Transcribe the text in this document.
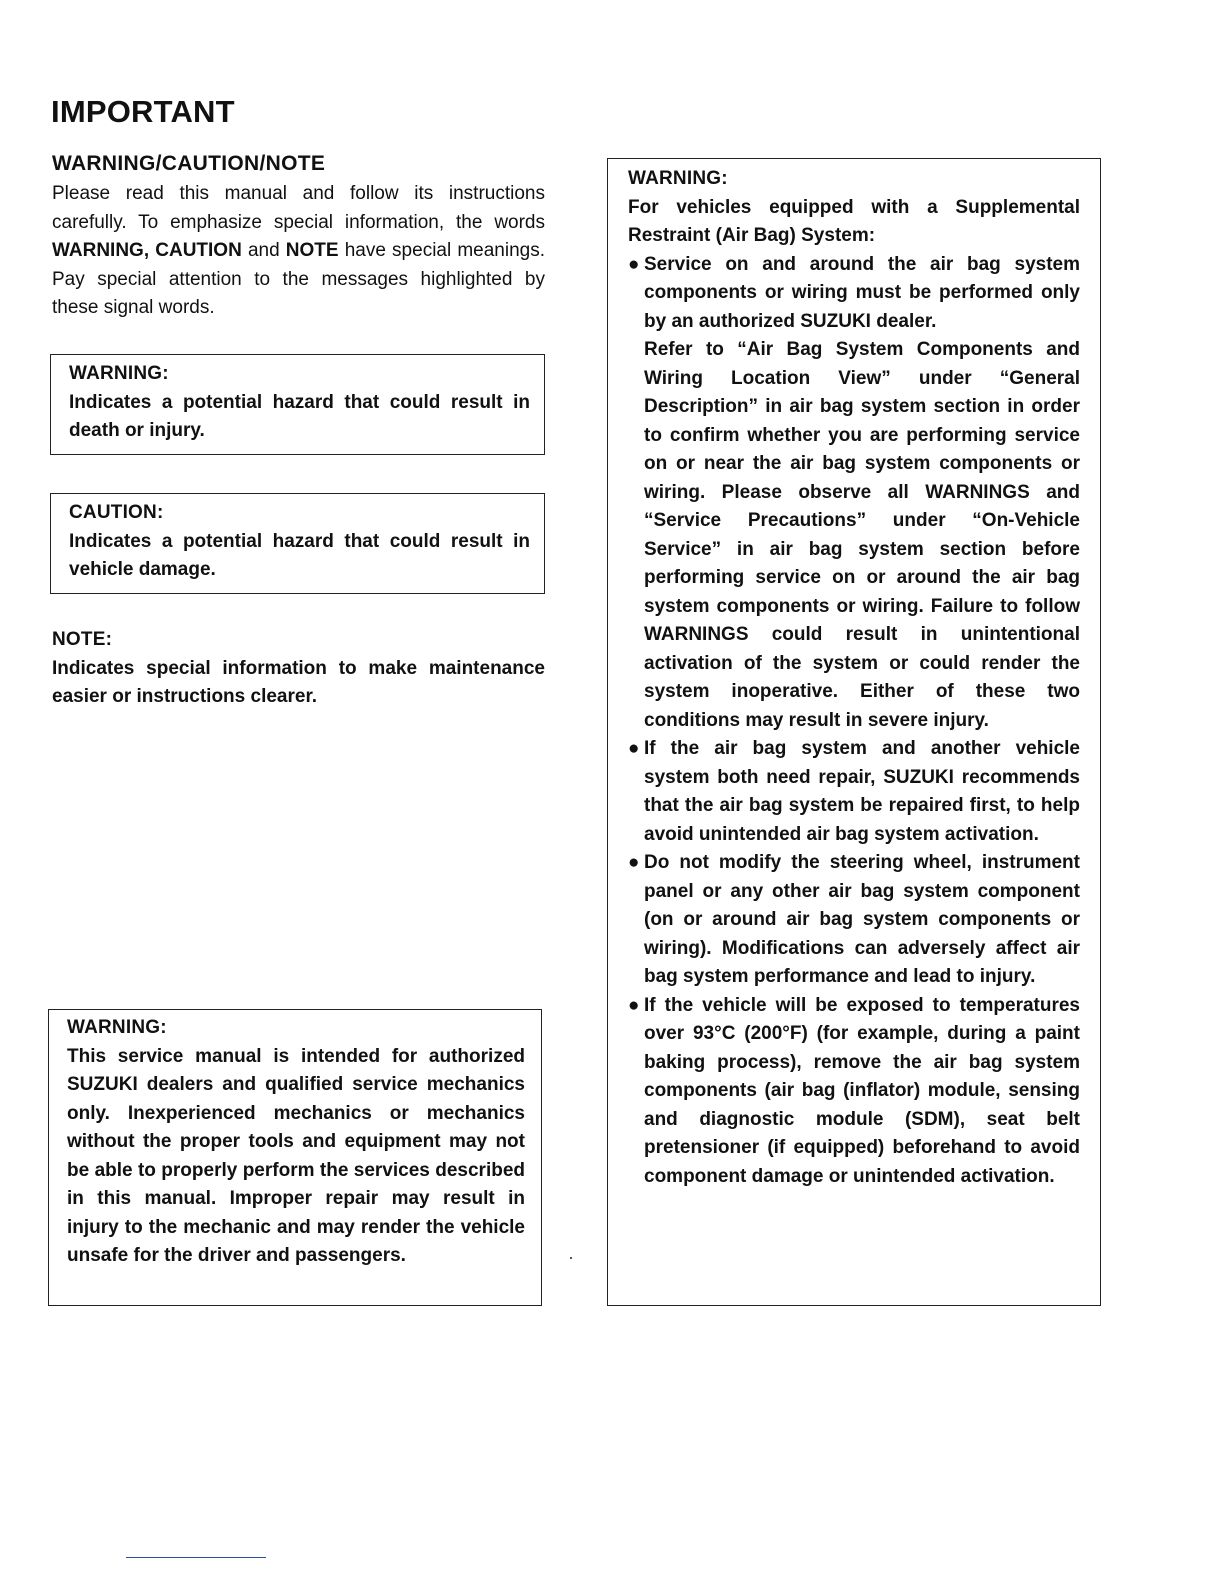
IMPORTANT
WARNING/CAUTION/NOTE

Please read this manual and follow its instructions carefully. To emphasize special information, the words WARNING, CAUTION and NOTE have special meanings. Pay special attention to the messages highlighted by these signal words.

WARNING:

Indicates a potential hazard that could result in death or injury.

CAUTION:

Indicates a potential hazard that could result in vehicle damage.

NOTE:

Indicates special information to make maintenance easier or instructions clearer.

WARNING:

This service manual is intended for authorized SUZUKI dealers and qualified service mechanics only. Inexperienced mechanics or mechanics without the proper tools and equipment may not be able to properly perform the services described in this manual. Improper repair may result in injury to the mechanic and may render the vehicle unsafe for the driver and passengers.

WARNING:

For vehicles equipped with a Supplemental Restraint (Air Bag) System:

● Service on and around the air bag system components or wiring must be performed only by an authorized SUZUKI dealer.

Refer to “Air Bag System Components and Wiring Location View” under “General Description” in air bag system section in order to confirm whether you are performing service on or near the air bag system components or wiring. Please observe all WARNINGS and “Service Precautions” under “On-Vehicle Service” in air bag system section before performing service on or around the air bag system components or wiring. Failure to follow WARNINGS could result in unintentional activation of the system or could render the system inoperative. Either of these two conditions may result in severe injury.

● If the air bag system and another vehicle system both need repair, SUZUKI recommends that the air bag system be repaired first, to help avoid unintended air bag system activation.

● Do not modify the steering wheel, instrument panel or any other air bag system component (on or around air bag system components or wiring). Modifications can adversely affect air bag system performance and lead to injury.

● If the vehicle will be exposed to temperatures over 93°C (200°F) (for example, during a paint baking process), remove the air bag system components (air bag (inflator) module, sensing and diagnostic module (SDM), seat belt pretensioner (if equipped) beforehand to avoid component damage or unintended activation.
